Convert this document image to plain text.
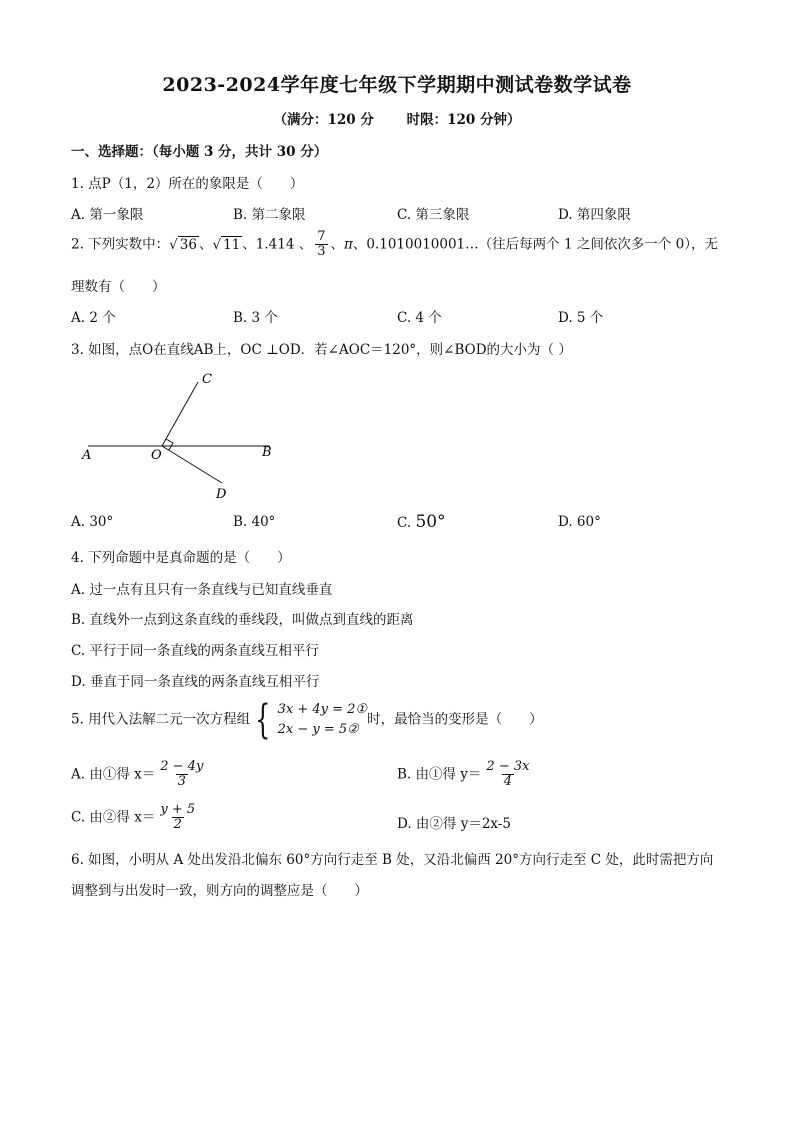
2023-2024学年度七年级下学期期中测试卷数学试卷
（满分：120 分 时限：120 分钟）
一、选择题：（每小题 3 分，共计 30 分）
1. 点P（1，2）所在的象限是（　　）
A. 第一象限	B. 第二象限	C. 第三象限	D. 第四象限
2. 下列实数中：√ 36 、√ 11 、1.414 、 $\frac{7}{3}$ 、π、0.1010010001…（往后每两个 1 之间依次多一个 0），无
理数有（　　）
A. 2 个	B. 3 个	C. 4 个	D. 5 个
3. 如图，点O在直线AB上，OC ⊥OD．若∠AOC＝120°，则∠BOD的大小为（ ）
C
A	O	B
D
A. 30°	B. 40°	C. 50°	D. 60°
4. 下列命题中是真命题的是（　　）
A. 过一点有且只有一条直线与已知直线垂直
B. 直线外一点到这条直线的垂线段，叫做点到直线的距离
C. 平行于同一条直线的两条直线互相平行
D. 垂直于同一条直线的两条直线互相平行
5. 用代入法解二元一次方程组 { 3x + 4y = 2①
2x − y = 5②
时，最恰当的变形是（　　）
A. 由①得 $x= \frac{2 - 4y}{3}$	B. 由①得 $y= \frac{2 - 3x}{4}$
C. 由②得 $x= \frac{y + 5}{2}$	D. 由②得 y＝2x-5
6. 如图，小明从 A 处出发沿北偏东 60°方向行走至 B 处，又沿北偏西 20°方向行走至 C 处，此时需把方向
调整到与出发时一致，则方向的调整应是（　　）
